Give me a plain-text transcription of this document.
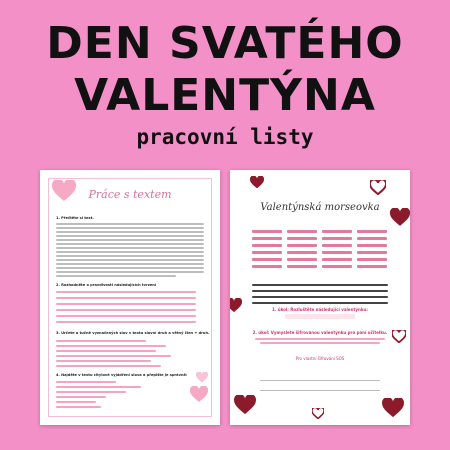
DEN SVATÉHO
VALENTÝNA
pracovní listy
Práce s textem
1. Přečtěte si text.
2. Rozhodněte o pravdivosti následujících tvrzení
3. Určete u tučně vyznačených slov v textu slovní druh a větný člen + druh.
4. Najděte v textu citylové vyjádření slova a přepište je správně:
Valentýnská morseovka
1. úkol: Rozluštěte následující valentýnku:
2. úkol: Vymyslete šifrovanou valentýnku pro paní učitelku.
Pro vlastní šifrování SOS
